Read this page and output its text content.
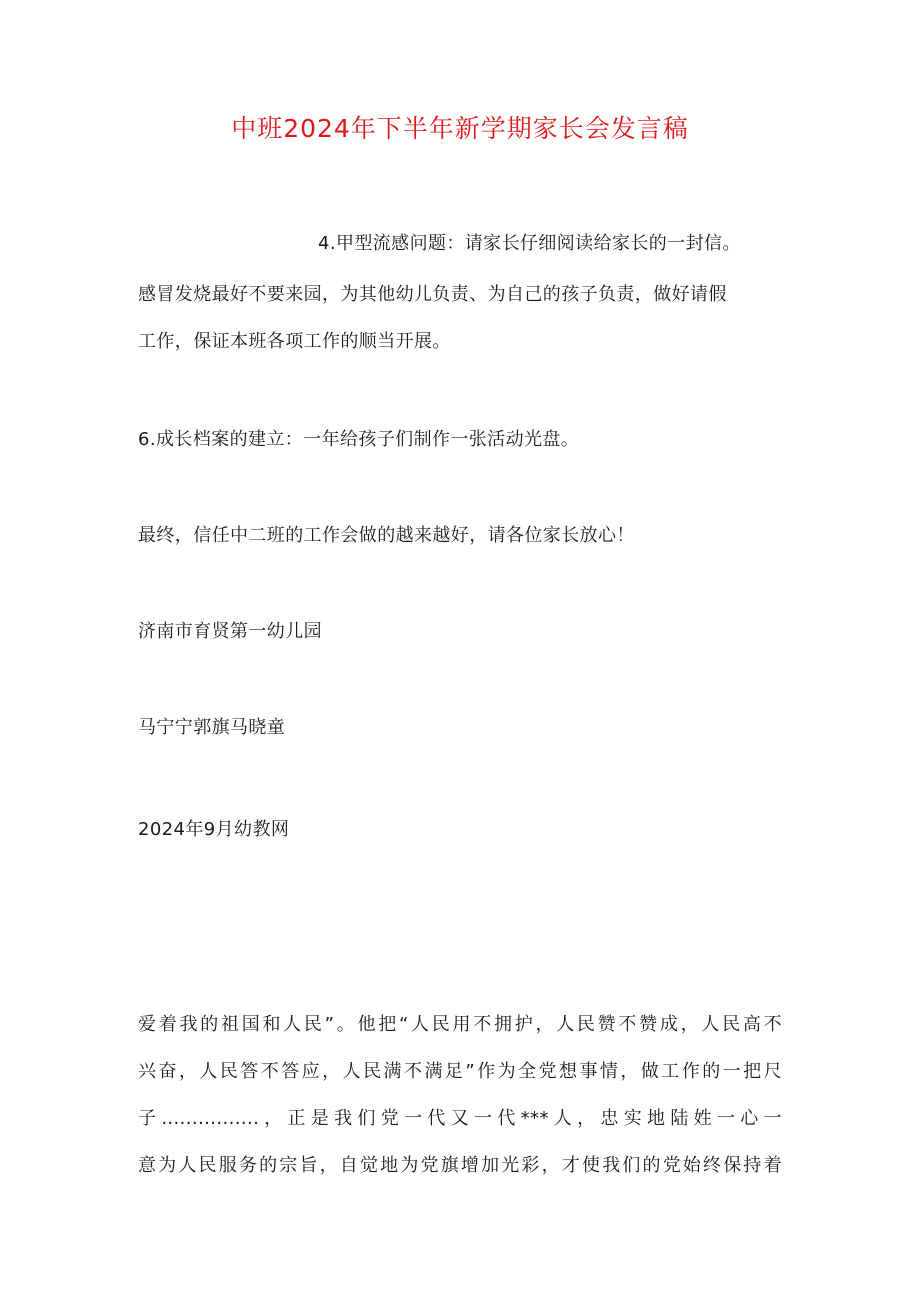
中班2024年下半年新学期家长会发言稿
4.甲型流感问题：请家长仔细阅读给家长的一封信。
感冒发烧最好不要来园，为其他幼儿负责、为自己的孩子负责，做好请假
工作，保证本班各项工作的顺当开展。
6.成长档案的建立：一年给孩子们制作一张活动光盘。
最终，信任中二班的工作会做的越来越好，请各位家长放心！
济南市育贤第一幼儿园
马宁宁郭旗马晓童
2024年9月幼教网
爱着我的祖国和人民”。他把“人民用不拥护，人民赞不赞成，人民高不
兴奋，人民答不答应，人民满不满足”作为全党想事情，做工作的一把尺
子................，正是我们党一代又一代***人，忠实地陆姓一心一
意为人民服务的宗旨，自觉地为党旗增加光彩，才使我们的党始终保持着
